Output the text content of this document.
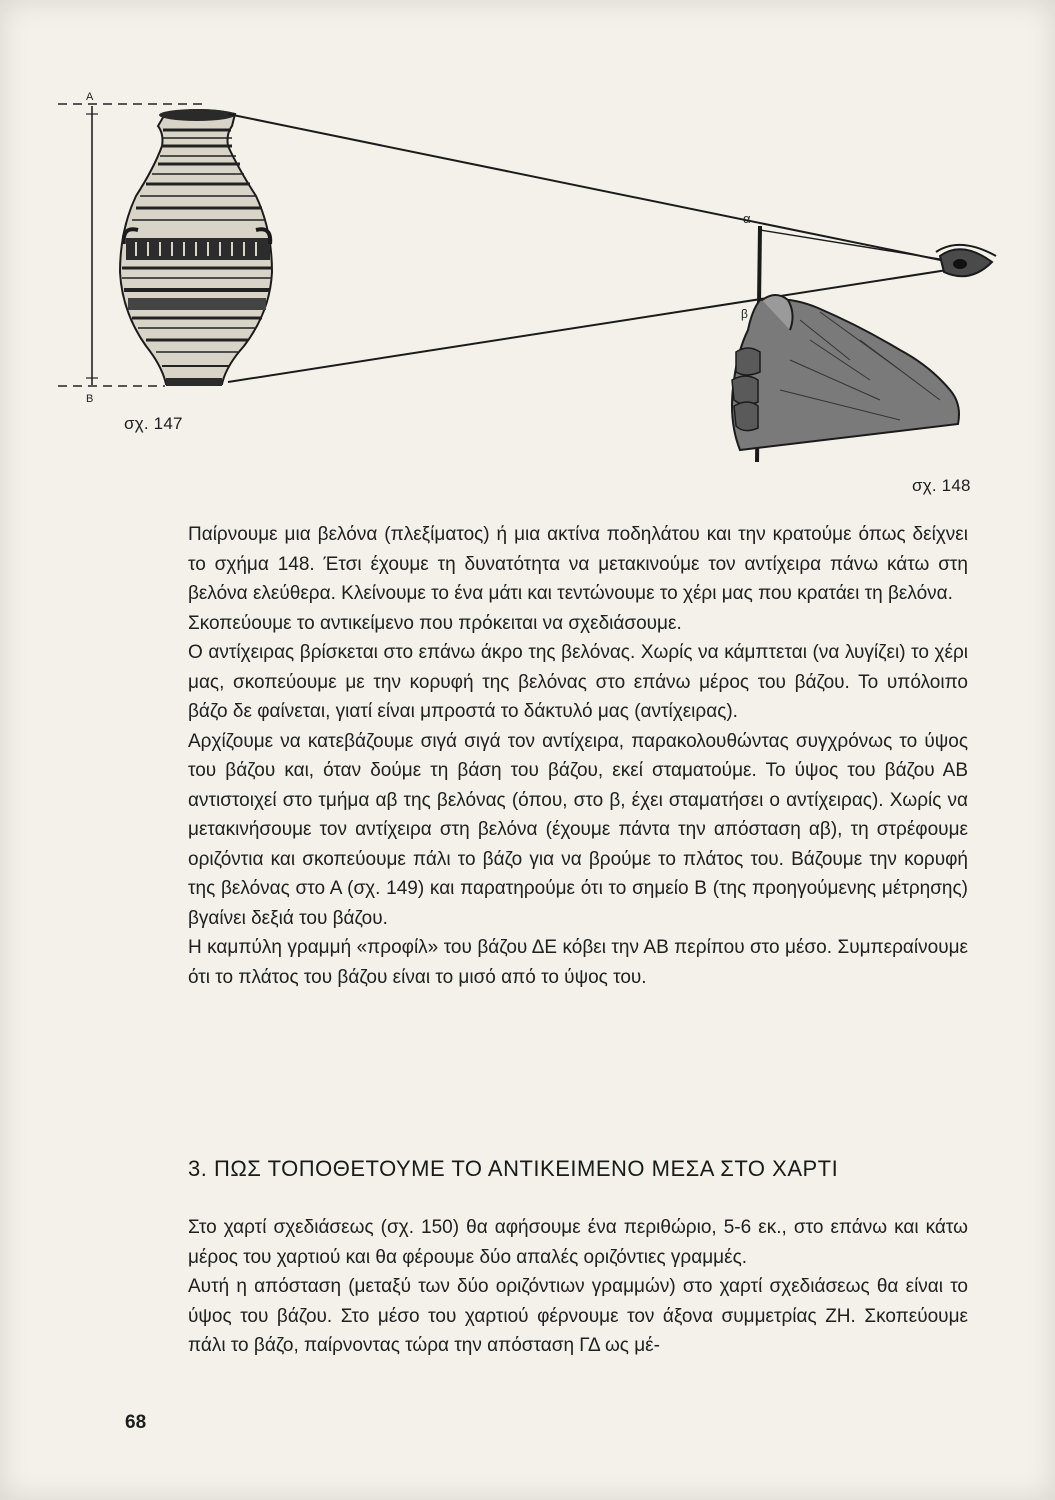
Α
Β
α
β
σχ. 147
σχ. 148

Παίρνουμε μια βελόνα (πλεξίματος) ή μια ακτίνα ποδηλάτου και την κρατούμε όπως δείχνει το σχήμα 148. Έτσι έχουμε τη δυνατότητα να μετακινούμε τον αντίχειρα πάνω κάτω στη βελόνα ελεύθερα. Κλείνουμε το ένα μάτι και τεντώνουμε το χέρι μας που κρατάει τη βελόνα.

Σκοπεύουμε το αντικείμενο που πρόκειται να σχεδιάσουμε.

Ο αντίχειρας βρίσκεται στο επάνω άκρο της βελόνας. Χωρίς να κάμπτεται (να λυγίζει) το χέρι μας, σκοπεύουμε με την κορυφή της βελόνας στο επάνω μέρος του βάζου. Το υπόλοιπο βάζο δε φαίνεται, γιατί είναι μπροστά το δάκτυλό μας (αντίχειρας).

Αρχίζουμε να κατεβάζουμε σιγά σιγά τον αντίχειρα, παρακολουθώντας συγχρόνως το ύψος του βάζου και, όταν δούμε τη βάση του βάζου, εκεί σταματούμε. Το ύψος του βάζου ΑΒ αντιστοιχεί στο τμήμα αβ της βελόνας (όπου, στο β, έχει σταματήσει ο αντίχειρας). Χωρίς να μετακινήσουμε τον αντίχειρα στη βελόνα (έχουμε πάντα την απόσταση αβ), τη στρέφουμε οριζόντια και σκοπεύουμε πάλι το βάζο για να βρούμε το πλάτος του. Βάζουμε την κορυφή της βελόνας στο Α (σχ. 149) και παρατηρούμε ότι το σημείο Β (της προηγούμενης μέτρησης) βγαίνει δεξιά του βάζου.

Η καμπύλη γραμμή «προφίλ» του βάζου ΔΕ κόβει την ΑΒ περίπου στο μέσο. Συμπεραίνουμε ότι το πλάτος του βάζου είναι το μισό από το ύψος του.

3. ΠΩΣ ΤΟΠΟΘΕΤΟΥΜΕ ΤΟ ΑΝΤΙΚΕΙΜΕΝΟ ΜΕΣΑ ΣΤΟ ΧΑΡΤΙ

Στο χαρτί σχεδιάσεως (σχ. 150) θα αφήσουμε ένα περιθώριο, 5-6 εκ., στο επάνω και κάτω μέρος του χαρτιού και θα φέρουμε δύο απαλές οριζόντιες γραμμές.

Αυτή η απόσταση (μεταξύ των δύο οριζόντιων γραμμών) στο χαρτί σχεδιάσεως θα είναι το ύψος του βάζου. Στο μέσο του χαρτιού φέρνουμε τον άξονα συμμετρίας ΖΗ. Σκοπεύουμε πάλι το βάζο, παίρνοντας τώρα την απόσταση ΓΔ ως μέ-

68
